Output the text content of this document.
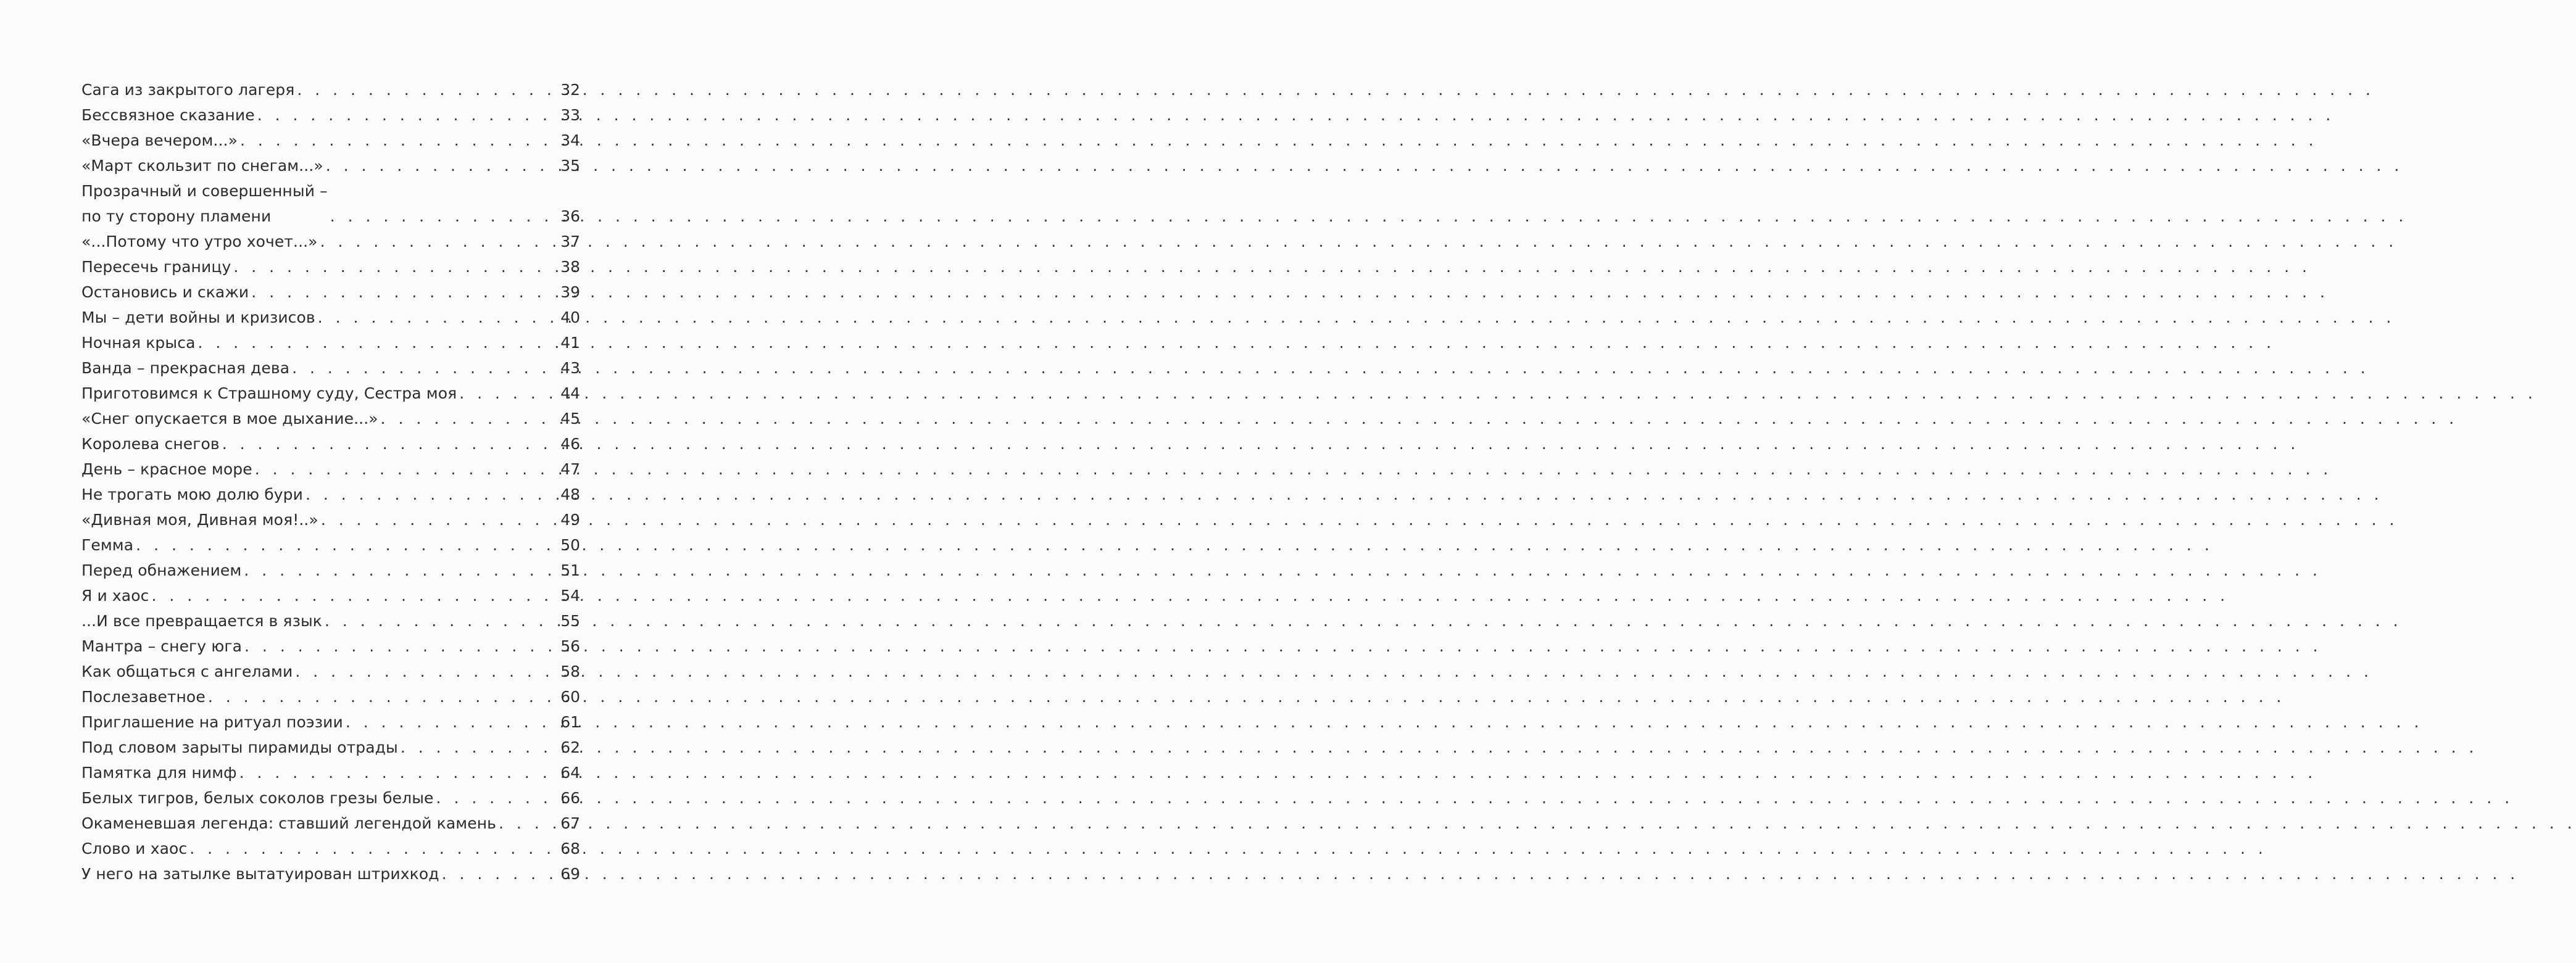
Сага из закрытого лагеря . . .	32
Бессвязное сказание . . .	33
«Вчера вечером...» . . .	34
«Март скользит по снегам...» . . .	35
Прозрачный и совершенный –
по ту сторону пламени . . .	36
«...Потому что утро хочет...» . . .	37
Пересечь границу . . .	38
Остановись и скажи . . .	39
Мы – дети войны и кризисов . . .	40
Ночная крыса . . .	41
Ванда – прекрасная дева . . .	43
Приготовимся к Страшному суду, Сестра моя . . .	44
«Снег опускается в мое дыхание...» . . .	45
Королева снегов . . .	46
День – красное море . . .	47
Не трогать мою долю бури . . .	48
«Дивная моя, Дивная моя!..» . . .	49
Гемма . . .	50
Перед обнажением . . .	51
Я и хаос . . .	54
...И все превращается в язык . . .	55
Мантра – снегу юга . . .	56
Как общаться с ангелами . . .	58
Послезаветное . . .	60
Приглашение на ритуал поэзии . . .	61
Под словом зарыты пирамиды отрады . . .	62
Памятка для нимф . . .	64
Белых тигров, белых соколов грезы белые . . .	66
Окаменевшая легенда: ставший легендой камень . . .	67
Слово и хаос . . .	68
У него на затылке вытатуирован штрихкод . . .	69
